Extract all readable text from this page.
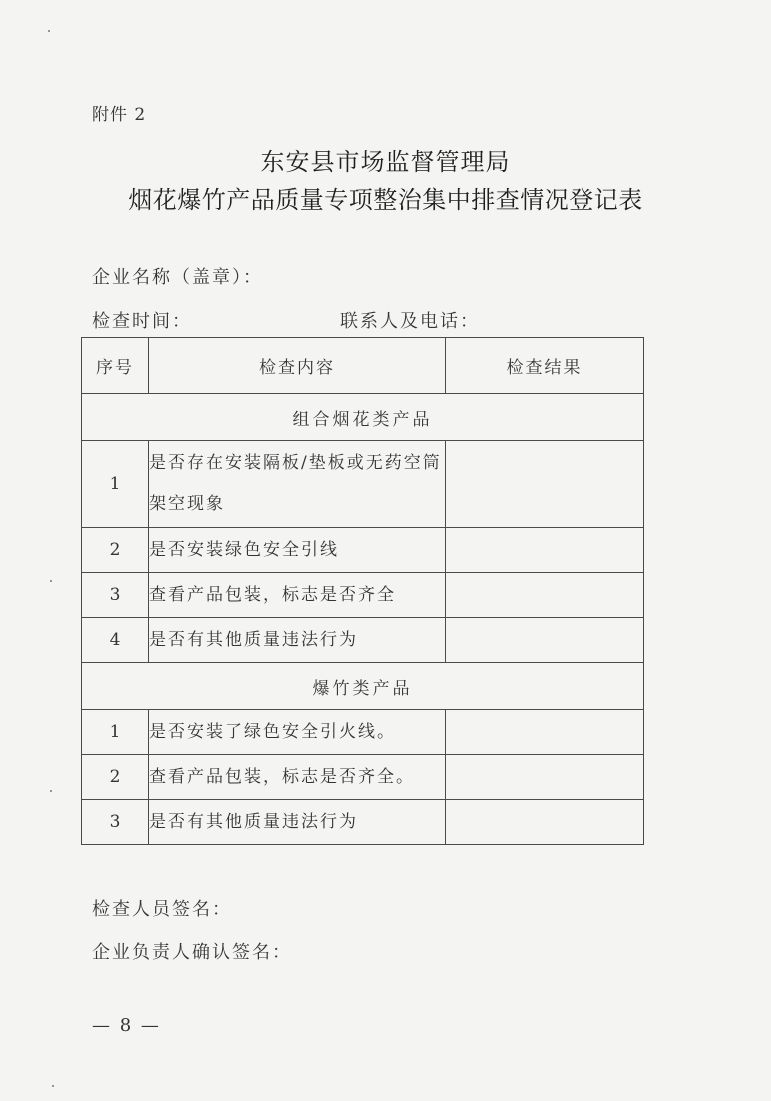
附件 2
东安县市场监督管理局
烟花爆竹产品质量专项整治集中排查情况登记表
企业名称（盖章）：
检查时间：	联系人及电话：
序号	检查内容	检查结果
组合烟花类产品		
1	是否存在安装隔板/垫板或无药空筒架空现象	
2	是否安装绿色安全引线	
3	查看产品包装，标志是否齐全	
4	是否有其他质量违法行为	
爆竹类产品		
1	是否安装了绿色安全引火线。	
2	查看产品包装，标志是否齐全。	
3	是否有其他质量违法行为	
检查人员签名：
企业负责人确认签名：
— 8 —
